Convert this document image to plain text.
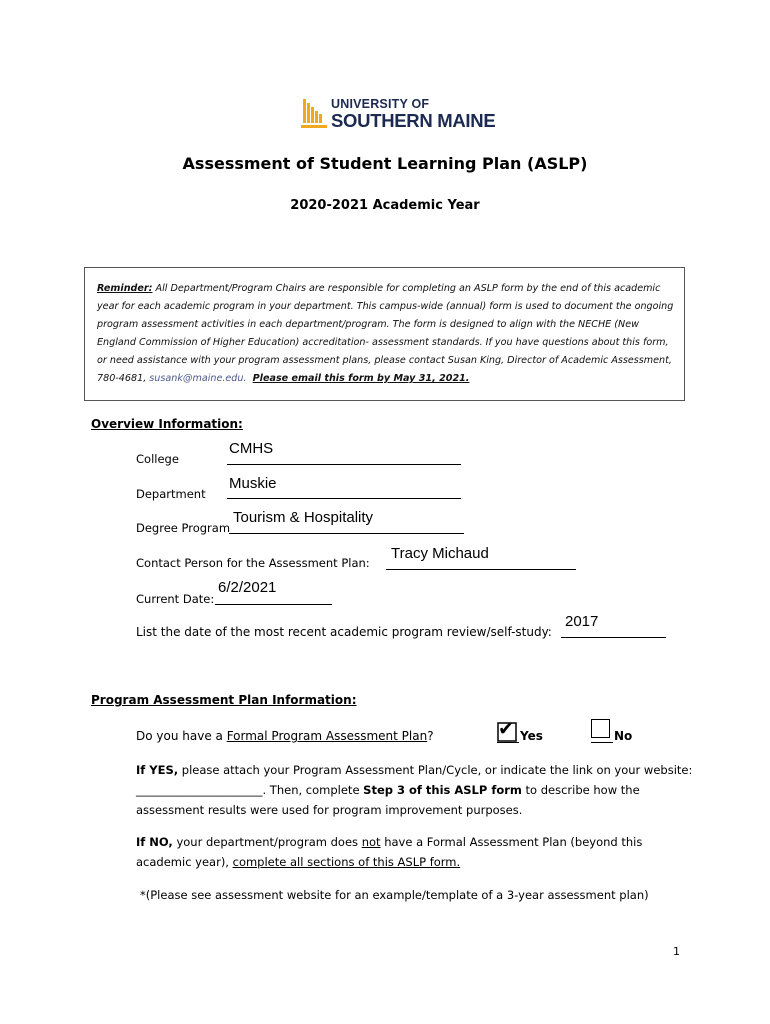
UNIVERSITY OF
SOUTHERN MAINE
Assessment of Student Learning Plan (ASLP)
2020-2021 Academic Year
Reminder: All Department/Program Chairs are responsible for completing an ASLP form by the end of this academic year for each academic program in your department. This campus-wide (annual) form is used to document the ongoing program assessment activities in each department/program. The form is designed to align with the NECHE (New England Commission of Higher Education) accreditation- assessment standards. If you have questions about this form, or need assistance with your program assessment plans, please contact Susan King, Director of Academic Assessment, 780-4681, susank@maine.edu. Please email this form by May 31, 2021.
Overview Information:
College
CMHS
Department
Muskie
Degree Program
Tourism & Hospitality
Contact Person for the Assessment Plan:
Tracy Michaud
Current Date:
6/2/2021
List the date of the most recent academic program review/self-study:
2017
Program Assessment Plan Information:
Do you have a Formal Program Assessment Plan?	✔ Yes	No
If YES, please attach your Program Assessment Plan/Cycle, or indicate the link on your website: ______________________. Then, complete Step 3 of this ASLP form to describe how the assessment results were used for program improvement purposes.
If NO, your department/program does not have a Formal Assessment Plan (beyond this academic year), complete all sections of this ASLP form.
*(Please see assessment website for an example/template of a 3-year assessment plan)
1
